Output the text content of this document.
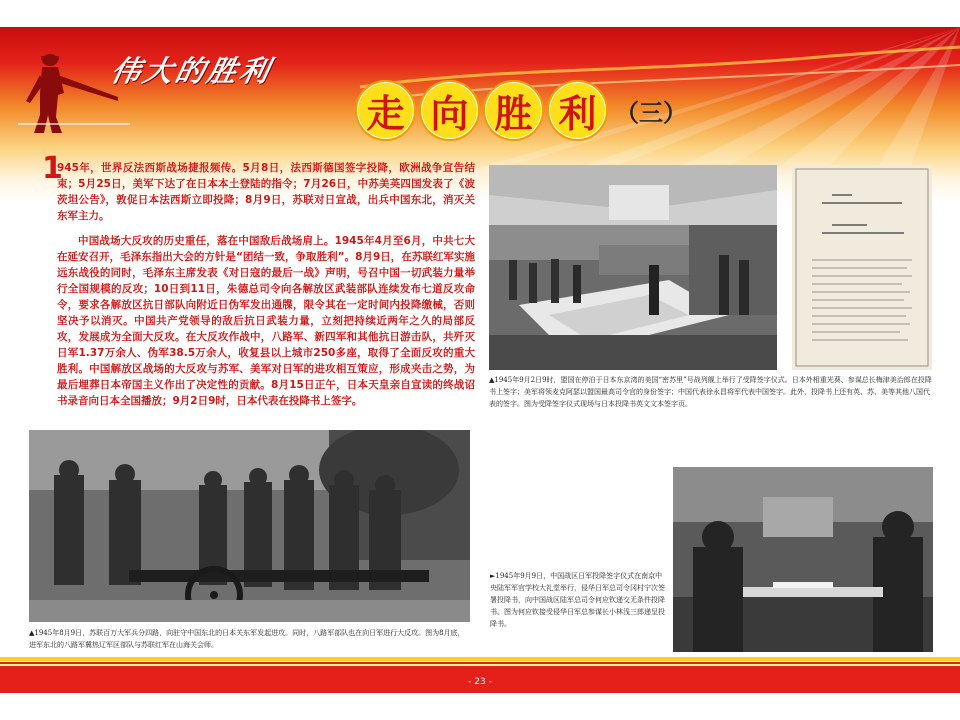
伟大的胜利
走 向 胜 利 （三）

1
945年，世界反法西斯战场捷报频传。5月8日，法西斯德国签字投降，欧洲战争宣告结束；5月25日，美军下达了在日本本土登陆的指令；7月26日，中苏美英四国发表了《波茨坦公告》，敦促日本法西斯立即投降；8月9日，苏联对日宣战，出兵中国东北，消灭关东军主力。

中国战场大反攻的历史重任，落在中国敌后战场肩上。1945年4月至6月，中共七大在延安召开，毛泽东指出大会的方针是“团结一致，争取胜利”。8月9日，在苏联红军实施远东战役的同时，毛泽东主席发表《对日寇的最后一战》声明，号召中国一切武装力量举行全国规模的反攻；10日到11日，朱德总司令向各解放区武装部队连续发布七道反攻命令，要求各解放区抗日部队向附近日伪军发出通牒，限令其在一定时间内投降缴械，否则坚决予以消灭。中国共产党领导的敌后抗日武装力量，立刻把持续近两年之久的局部反攻，发展成为全面大反攻。在大反攻作战中，八路军、新四军和其他抗日游击队，共歼灭日军1.37万余人、伪军38.5万余人，收复县以上城市250多座，取得了全面反攻的重大胜利。中国解放区战场的大反攻与苏军、美军对日军的进攻相互策应，形成夹击之势，为最后埋葬日本帝国主义作出了决定性的贡献。8月15日正午，日本天皇亲自宣读的终战诏书录音向日本全国播放；9月2日9时，日本代表在投降书上签字。

▲1945年9月2日9时，盟国在停泊于日本东京湾的美国“密苏里”号战列舰上举行了受降签字仪式。日本外相重光葵、参谋总长梅津美治郎在投降书上签字；美军将领麦克阿瑟以盟国最高司令官的身份签字；中国代表徐永昌将军代表中国签字。此外，投降书上还有英、苏、美等其他八国代表的签字。图为受降签字仪式现场与日本投降书英文文本签字页。

▲1945年8月9日，苏联百万大军兵分四路，向驻守中国东北的日本关东军发起进攻。同时，八路军部队也在向日军进行大反攻。图为8月底，进军东北的八路军冀热辽军区部队与苏联红军在山海关会师。

►1945年9月9日，中国战区日军投降签字仪式在南京中央陆军军官学校大礼堂举行，侵华日军总司令冈村宁次签署投降书，向中国战区陆军总司令何应钦递交无条件投降书。图为何应钦接受侵华日军总参谋长小林浅三郎递呈投降书。

- 23 -
